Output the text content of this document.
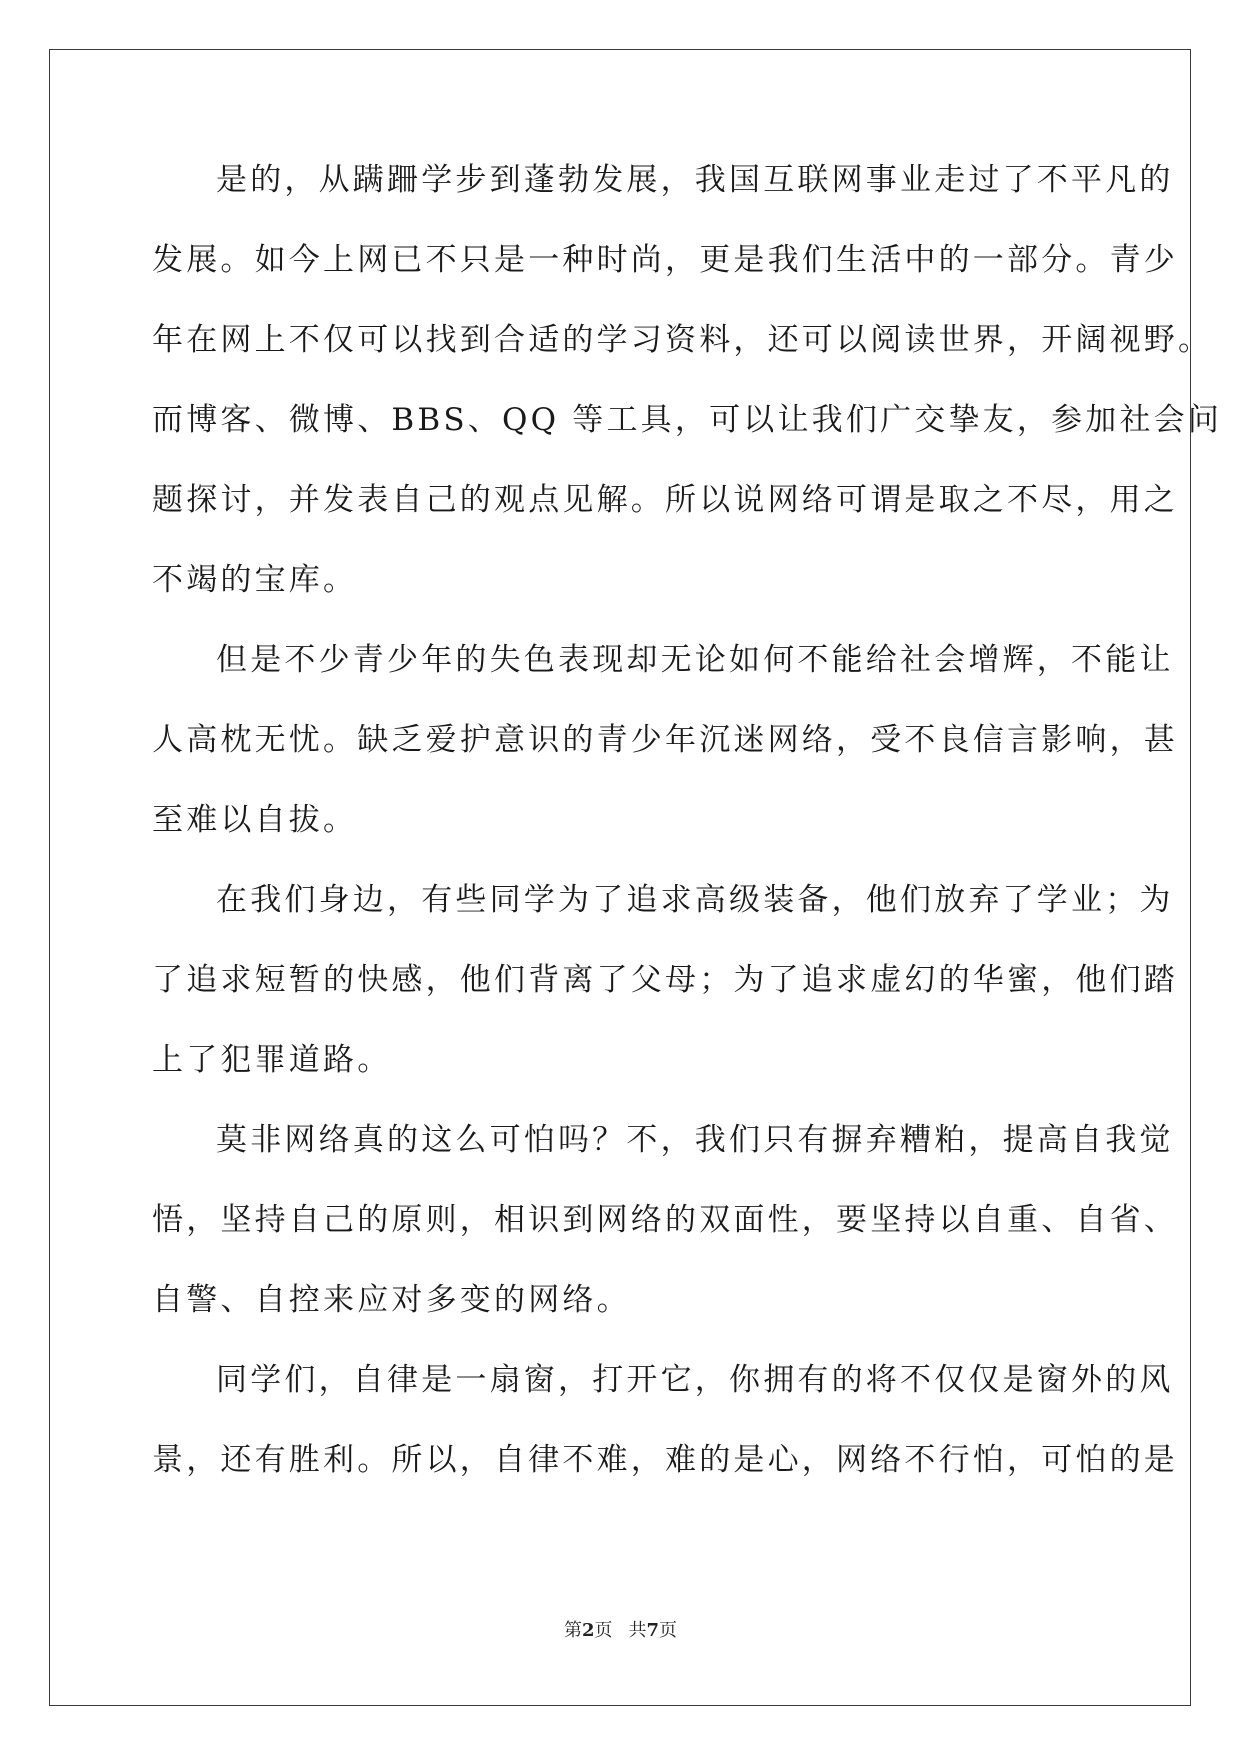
是的，从蹒跚学步到蓬勃发展，我国互联网事业走过了不平凡的
发展。如今上网已不只是一种时尚，更是我们生活中的一部分。青少
年在网上不仅可以找到合适的学习资料，还可以阅读世界，开阔视野。
而博客、微博、BBS、QQ 等工具，可以让我们广交挚友，参加社会问
题探讨，并发表自己的观点见解。所以说网络可谓是取之不尽，用之
不竭的宝库。
但是不少青少年的失色表现却无论如何不能给社会增辉，不能让
人高枕无忧。缺乏爱护意识的青少年沉迷网络，受不良信言影响，甚
至难以自拔。
在我们身边，有些同学为了追求高级装备，他们放弃了学业；为
了追求短暂的快感，他们背离了父母；为了追求虚幻的华蜜，他们踏
上了犯罪道路。
莫非网络真的这么可怕吗？不，我们只有摒弃糟粕，提高自我觉
悟，坚持自己的原则，相识到网络的双面性，要坚持以自重、自省、
自警、自控来应对多变的网络。
同学们，自律是一扇窗，打开它，你拥有的将不仅仅是窗外的风
景，还有胜利。所以，自律不难，难的是心，网络不行怕，可怕的是
第2页 共7页
